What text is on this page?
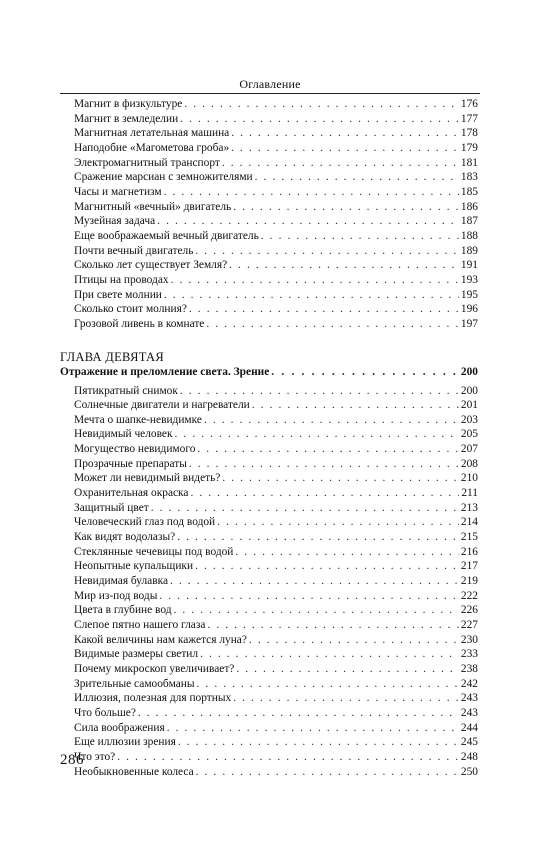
Оглавление
Магнит в физкультуре . . .	176
Магнит в земледелии . . .	177
Магнитная летательная машина . . .	178
Наподобие «Магометова гроба» . . .	179
Электромагнитный транспорт . . .	181
Сражение марсиан с земножителями . . .	183
Часы и магнетизм . . .	185
Магнитный «вечный» двигатель . . .	186
Музейная задача . . .	187
Еще воображаемый вечный двигатель . . .	188
Почти вечный двигатель . . .	189
Сколько лет существует Земля? . . .	191
Птицы на проводах . . .	193
При свете молнии . . .	195
Сколько стоит молния? . . .	196
Грозовой ливень в комнате . . .	197
ГЛАВА ДЕВЯТАЯ
Отражение и преломление света. Зрение . . .	200
Пятикратный снимок . . .	200
Солнечные двигатели и нагреватели . . .	201
Мечта о шапке-невидимке . . .	203
Невидимый человек . . .	205
Могущество невидимого . . .	207
Прозрачные препараты . . .	208
Может ли невидимый видеть? . . .	210
Охранительная окраска . . .	211
Защитный цвет . . .	213
Человеческий глаз под водой . . .	214
Как видят водолазы? . . .	215
Стеклянные чечевицы под водой . . .	216
Неопытные купальщики . . .	217
Невидимая булавка . . .	219
Мир из-под воды . . .	222
Цвета в глубине вод . . .	226
Слепое пятно нашего глаза . . .	227
Какой величины нам кажется луна? . . .	230
Видимые размеры светил . . .	233
Почему микроскоп увеличивает? . . .	238
Зрительные самообманы . . .	242
Иллюзия, полезная для портных . . .	243
Что больше? . . .	243
Сила воображения . . .	244
Еще иллюзии зрения . . .	245
Что это? . . .	248
Необыкновенные колеса . . .	250
286
